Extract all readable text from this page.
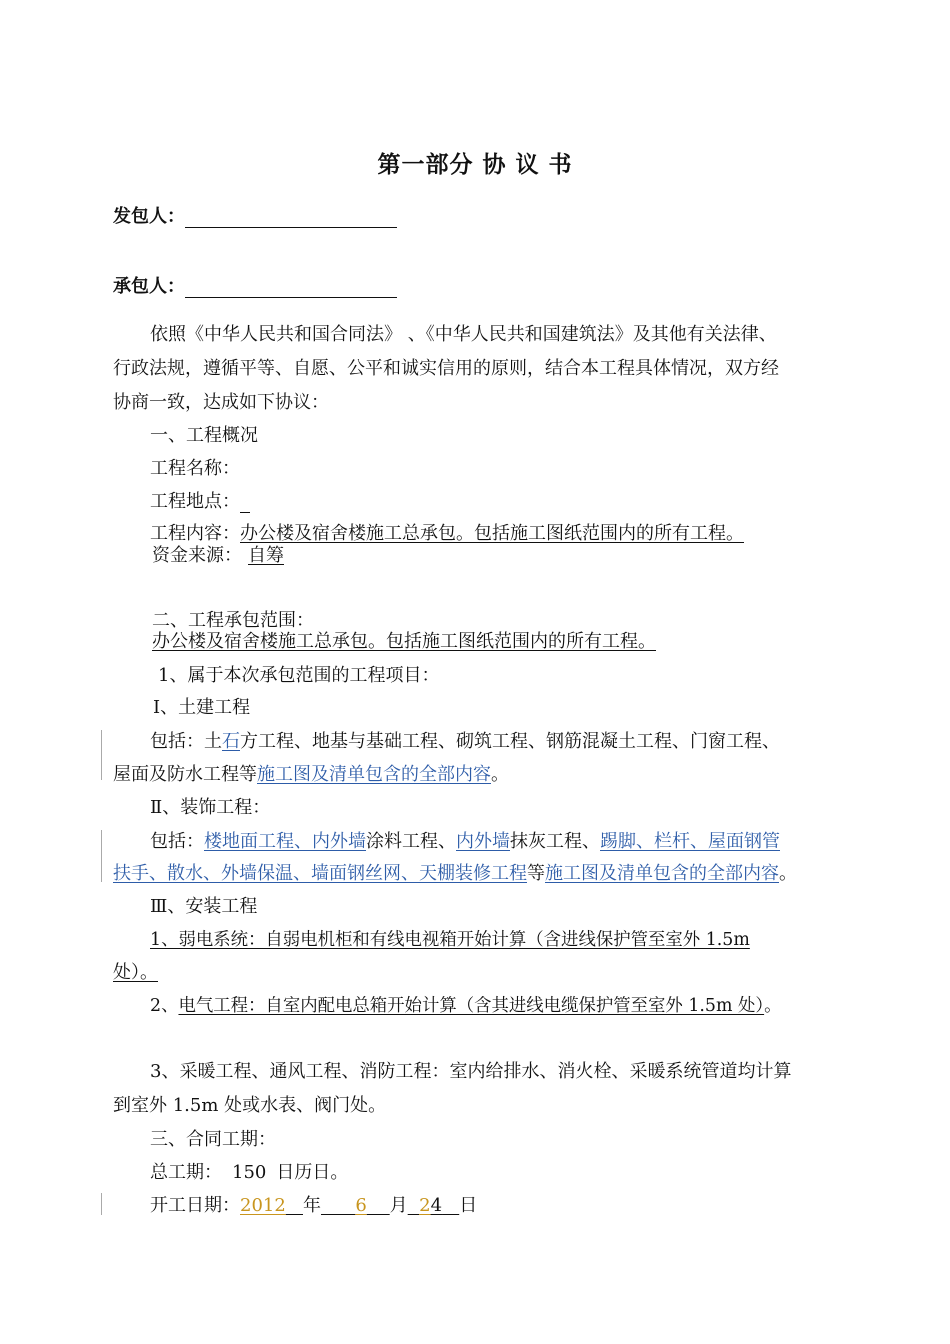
第一部分 协 议 书
发包人：
承包人：
依照《中华人民共和国合同法》 、《中华人民共和国建筑法》及其他有关法律、
行政法规，遵循平等、自愿、公平和诚实信用的原则，结合本工程具体情况，双方经
协商一致，达成如下协议：
一、工程概况
工程名称：
工程地点：
工程内容：办公楼及宿舍楼施工总承包。包括施工图纸范围内的所有工程。
资金来源： 自筹
二、工程承包范围：
办公楼及宿舍楼施工总承包。包括施工图纸范围内的所有工程。
1、属于本次承包范围的工程项目：
Ⅰ、土建工程
包括：土石方工程、地基与基础工程、砌筑工程、钢筋混凝土工程、门窗工程、
屋面及防水工程等施工图及清单包含的全部内容。
Ⅱ、装饰工程：
包括：楼地面工程、内外墙涂料工程、内外墙抹灰工程、踢脚、栏杆、屋面钢管
扶手、散水、外墙保温、墙面钢丝网、天棚装修工程等施工图及清单包含的全部内容。
Ⅲ、安装工程
1、弱电系统：自弱电机柜和有线电视箱开始计算（含进线保护管至室外 1.5m
处）。
2、电气工程：自室内配电总箱开始计算（含其进线电缆保护管至室外 1.5m 处）。
3、采暖工程、通风工程、消防工程：室内给排水、消火栓、采暖系统管道均计算
到室外 1.5m 处或水表、阀门处。
三、合同工期：
总工期： 150 日历日。
开工日期：2012 年 6 月 24 日
